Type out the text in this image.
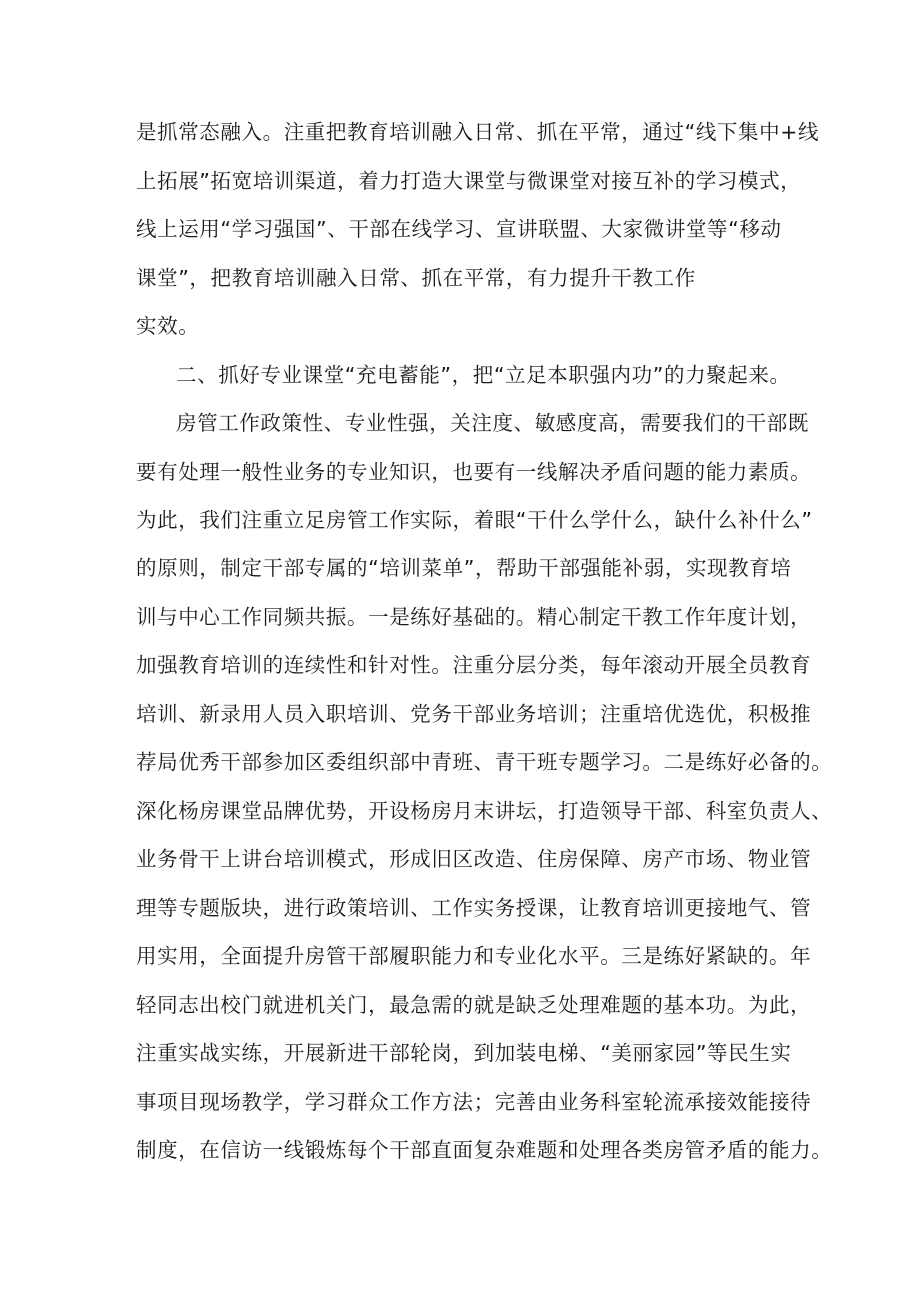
是抓常态融入。注重把教育培训融入日常、抓在平常，通过“线下集中+线
上拓展”拓宽培训渠道，着力打造大课堂与微课堂对接互补的学习模式，
线上运用“学习强国”、干部在线学习、宣讲联盟、大家微讲堂等“移动
课堂”，把教育培训融入日常、抓在平常，有力提升干教工作
实效。
二、抓好专业课堂“充电蓄能”，把“立足本职强内功”的力聚起来。
房管工作政策性、专业性强，关注度、敏感度高，需要我们的干部既
要有处理一般性业务的专业知识，也要有一线解决矛盾问题的能力素质。
为此，我们注重立足房管工作实际，着眼“干什么学什么，缺什么补什么”
的原则，制定干部专属的“培训菜单”，帮助干部强能补弱，实现教育培
训与中心工作同频共振。一是练好基础的。精心制定干教工作年度计划，
加强教育培训的连续性和针对性。注重分层分类，每年滚动开展全员教育
培训、新录用人员入职培训、党务干部业务培训；注重培优选优，积极推
荐局优秀干部参加区委组织部中青班、青干班专题学习。二是练好必备的。
深化杨房课堂品牌优势，开设杨房月末讲坛，打造领导干部、科室负责人、
业务骨干上讲台培训模式，形成旧区改造、住房保障、房产市场、物业管
理等专题版块，进行政策培训、工作实务授课，让教育培训更接地气、管
用实用，全面提升房管干部履职能力和专业化水平。三是练好紧缺的。年
轻同志出校门就进机关门，最急需的就是缺乏处理难题的基本功。为此，
注重实战实练，开展新进干部轮岗，到加装电梯、“美丽家园”等民生实
事项目现场教学，学习群众工作方法；完善由业务科室轮流承接效能接待
制度，在信访一线锻炼每个干部直面复杂难题和处理各类房管矛盾的能力。
